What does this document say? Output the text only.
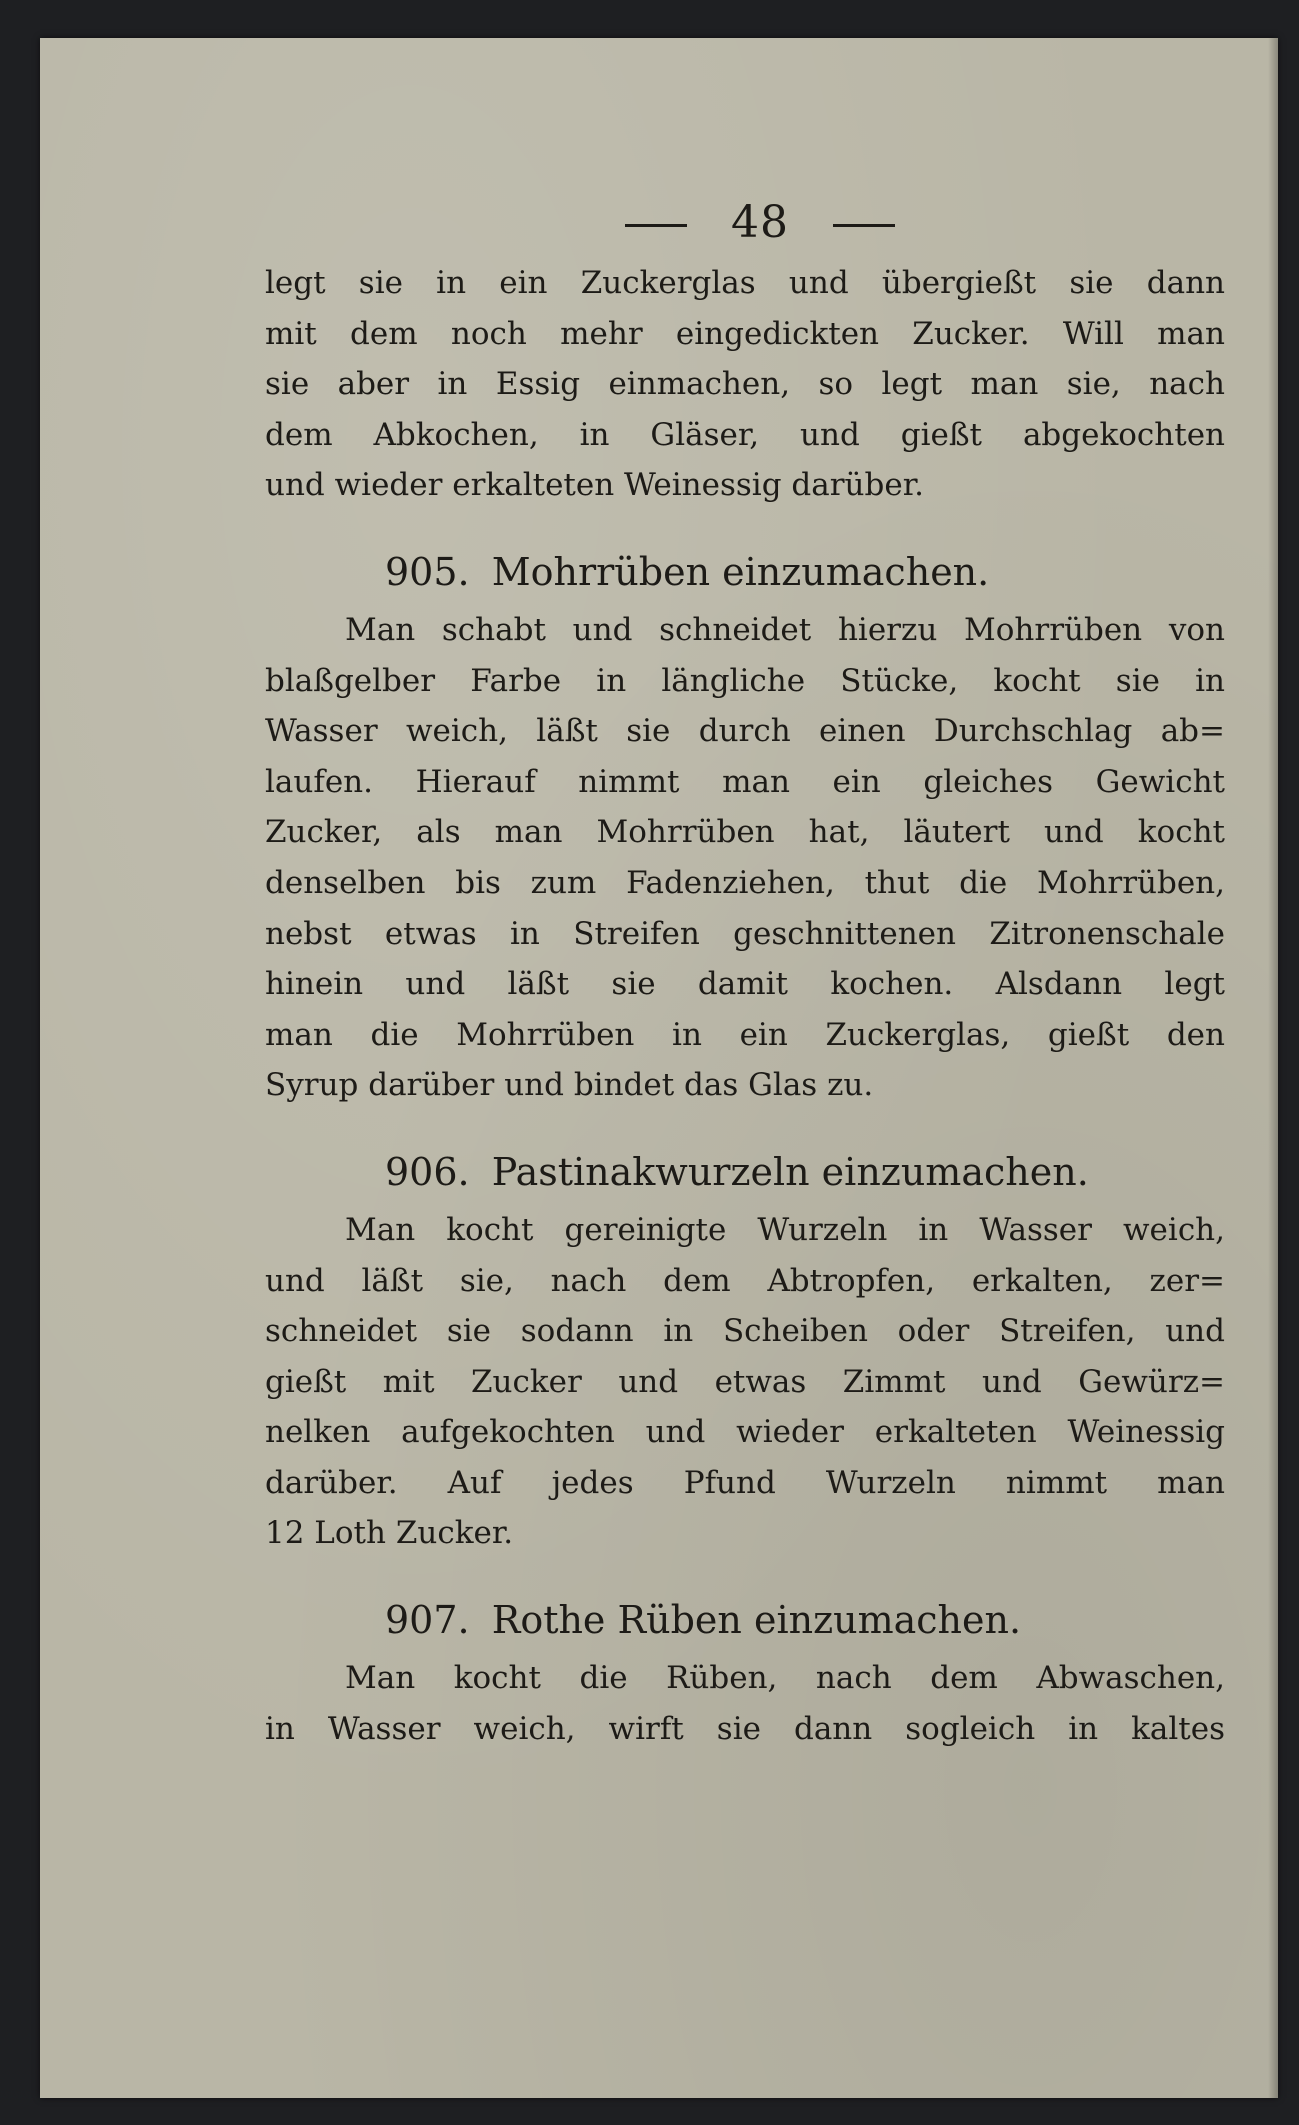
48

legt sie in ein Zuckerglas und übergießt sie dann
mit dem noch mehr eingedickten Zucker. Will man
sie aber in Essig einmachen, so legt man sie, nach
dem Abkochen, in Gläser, und gießt abgekochten
und wieder erkalteten Weinessig darüber.

905. Mohrrüben einzumachen.

Man schabt und schneidet hierzu Mohrrüben von
blaßgelber Farbe in längliche Stücke, kocht sie in
Wasser weich, läßt sie durch einen Durchschlag ab=
laufen. Hierauf nimmt man ein gleiches Gewicht
Zucker, als man Mohrrüben hat, läutert und kocht
denselben bis zum Fadenziehen, thut die Mohrrüben,
nebst etwas in Streifen geschnittenen Zitronenschale
hinein und läßt sie damit kochen. Alsdann legt
man die Mohrrüben in ein Zuckerglas, gießt den
Syrup darüber und bindet das Glas zu.

906. Pastinakwurzeln einzumachen.

Man kocht gereinigte Wurzeln in Wasser weich,
und läßt sie, nach dem Abtropfen, erkalten, zer=
schneidet sie sodann in Scheiben oder Streifen, und
gießt mit Zucker und etwas Zimmt und Gewürz=
nelken aufgekochten und wieder erkalteten Weinessig
darüber. Auf jedes Pfund Wurzeln nimmt man
12 Loth Zucker.

907. Rothe Rüben einzumachen.

Man kocht die Rüben, nach dem Abwaschen,
in Wasser weich, wirft sie dann sogleich in kaltes
